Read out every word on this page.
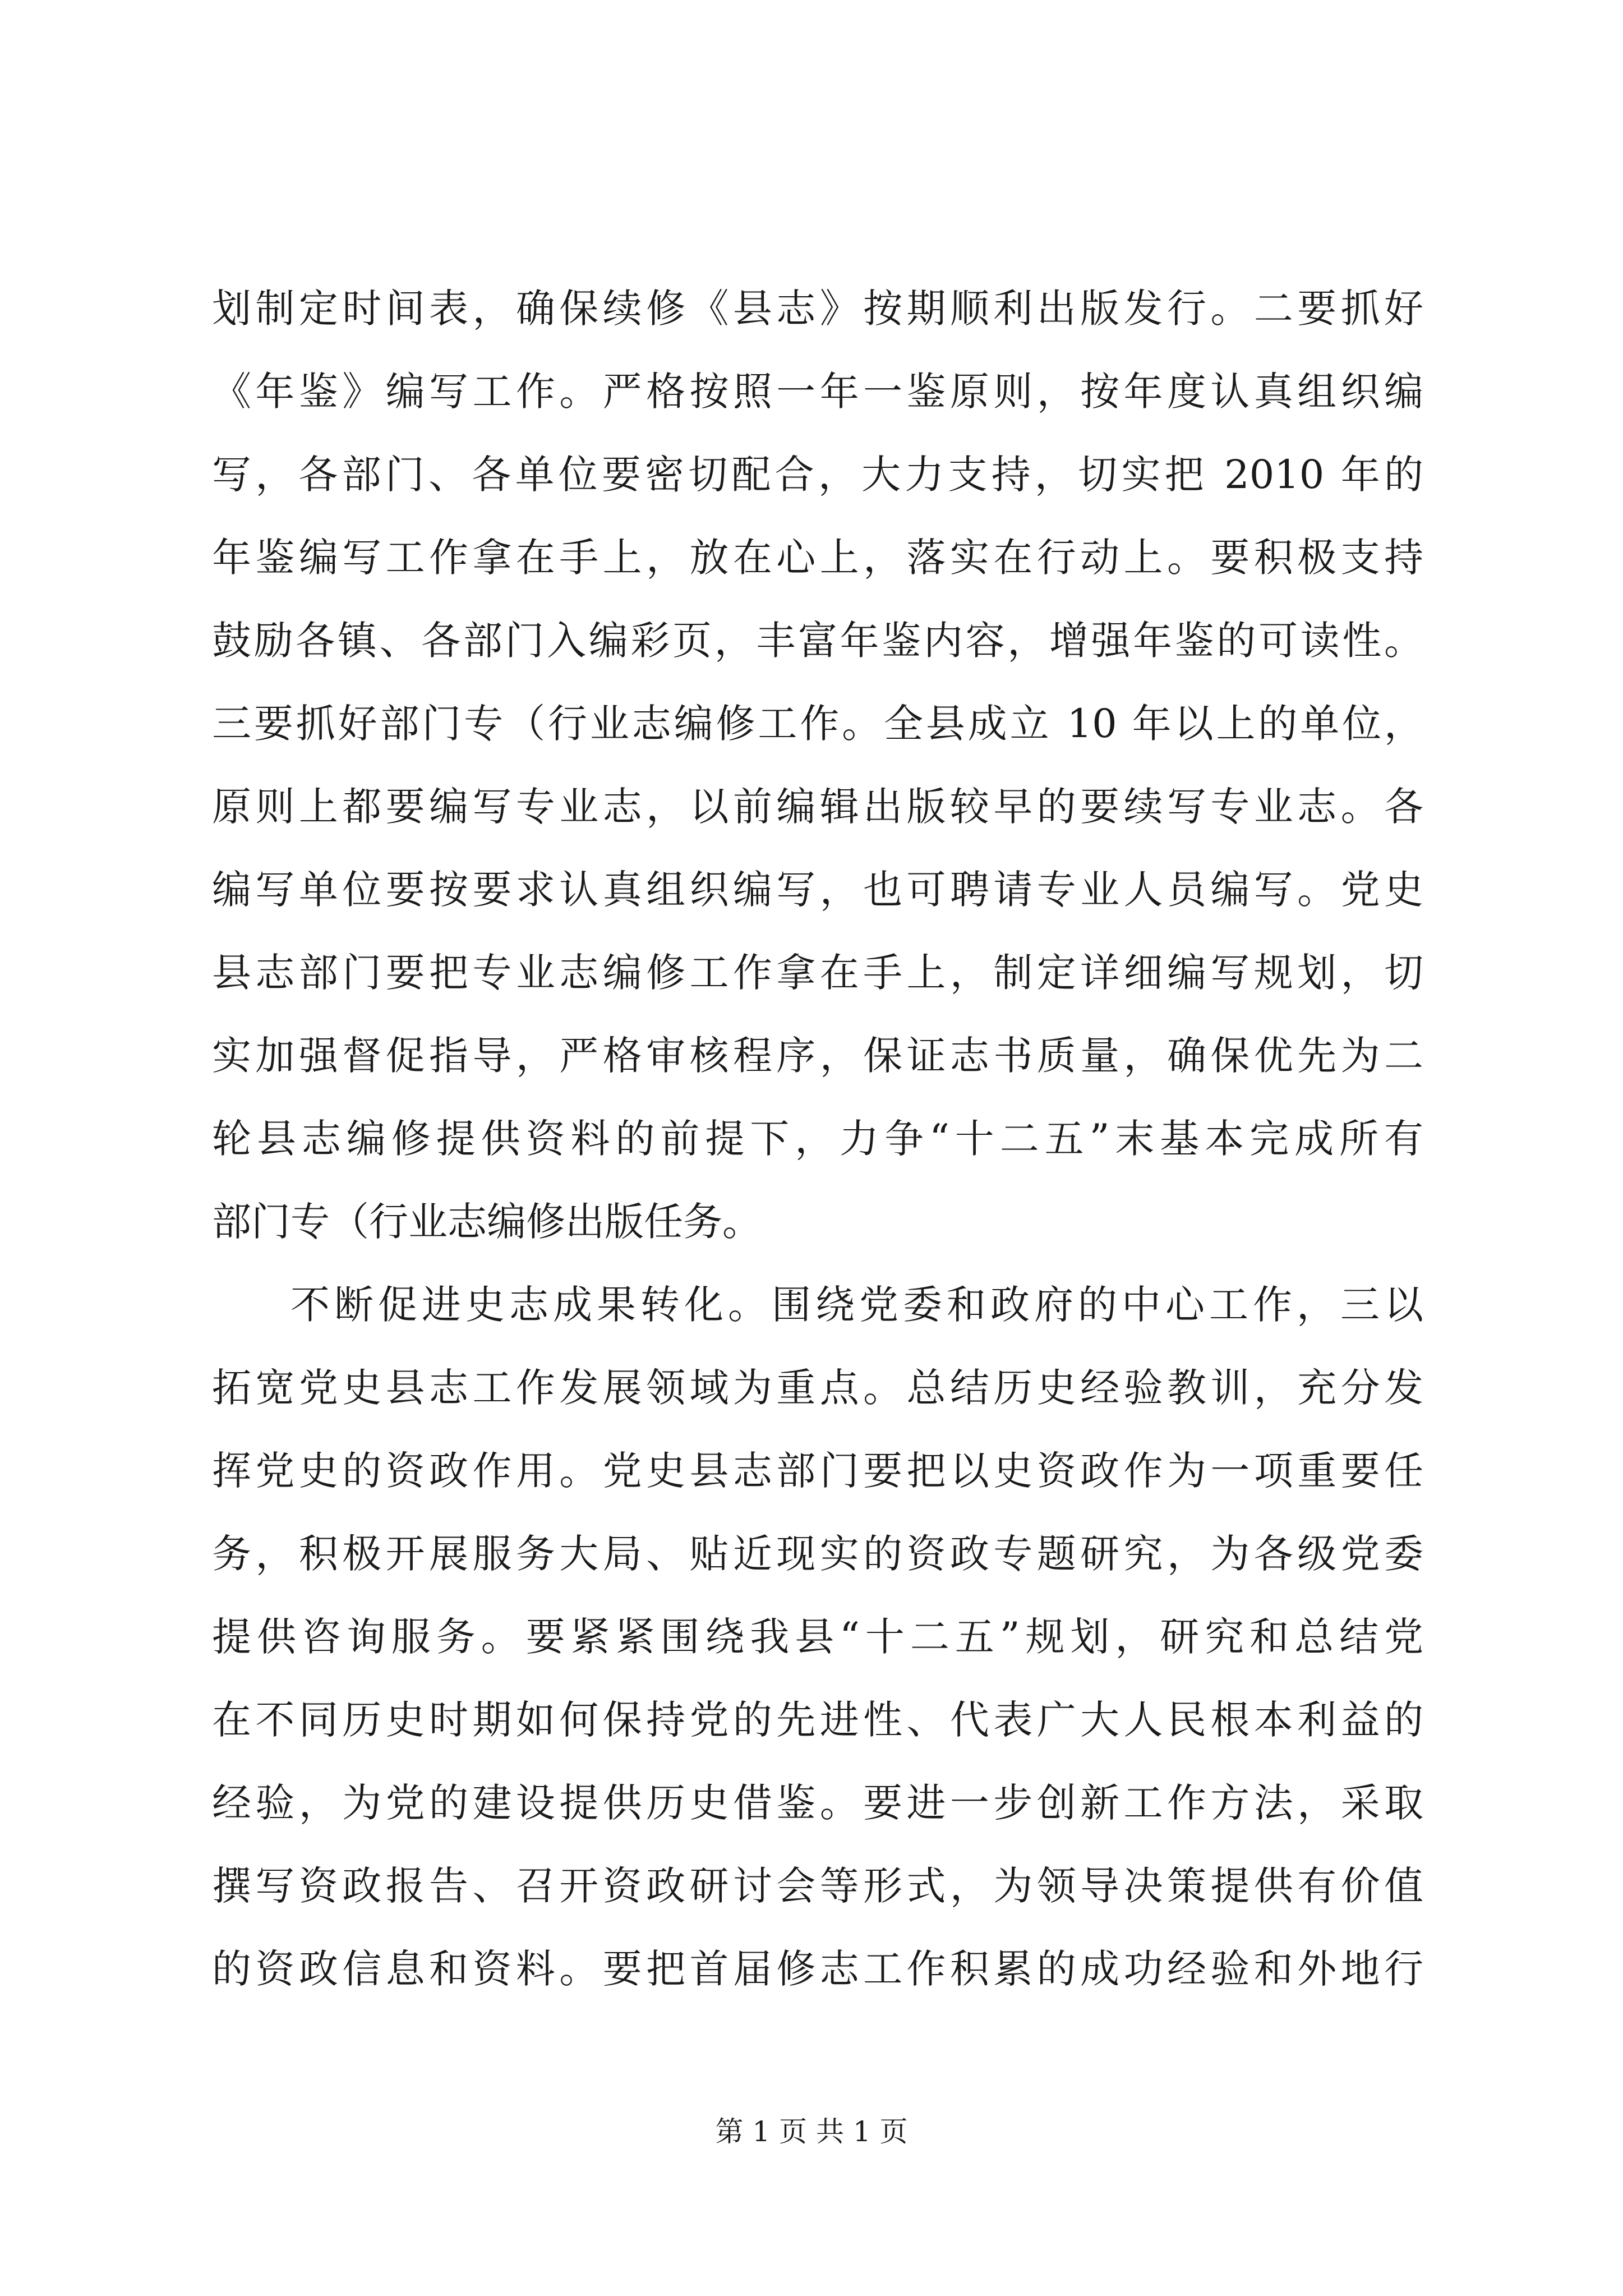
划制定时间表，确保续修《县志》按期顺利出版发行。二要抓好
《年鉴》编写工作。严格按照一年一鉴原则，按年度认真组织编
写，各部门、各单位要密切配合，大力支持，切实把 2010 年的
年鉴编写工作拿在手上，放在心上，落实在行动上。要积极支持
鼓励各镇、各部门入编彩页，丰富年鉴内容，增强年鉴的可读性。
三要抓好部门专（行业志编修工作。全县成立 10 年以上的单位，
原则上都要编写专业志，以前编辑出版较早的要续写专业志。各
编写单位要按要求认真组织编写，也可聘请专业人员编写。党史
县志部门要把专业志编修工作拿在手上，制定详细编写规划，切
实加强督促指导，严格审核程序，保证志书质量，确保优先为二
轮县志编修提供资料的前提下，力争“十二五”末基本完成所有
部门专（行业志编修出版任务。
不断促进史志成果转化。围绕党委和政府的中心工作，三以
拓宽党史县志工作发展领域为重点。总结历史经验教训，充分发
挥党史的资政作用。党史县志部门要把以史资政作为一项重要任
务，积极开展服务大局、贴近现实的资政专题研究，为各级党委
提供咨询服务。要紧紧围绕我县“十二五”规划，研究和总结党
在不同历史时期如何保持党的先进性、代表广大人民根本利益的
经验，为党的建设提供历史借鉴。要进一步创新工作方法，采取
撰写资政报告、召开资政研讨会等形式，为领导决策提供有价值
的资政信息和资料。要把首届修志工作积累的成功经验和外地行
第 1 页 共 1 页
